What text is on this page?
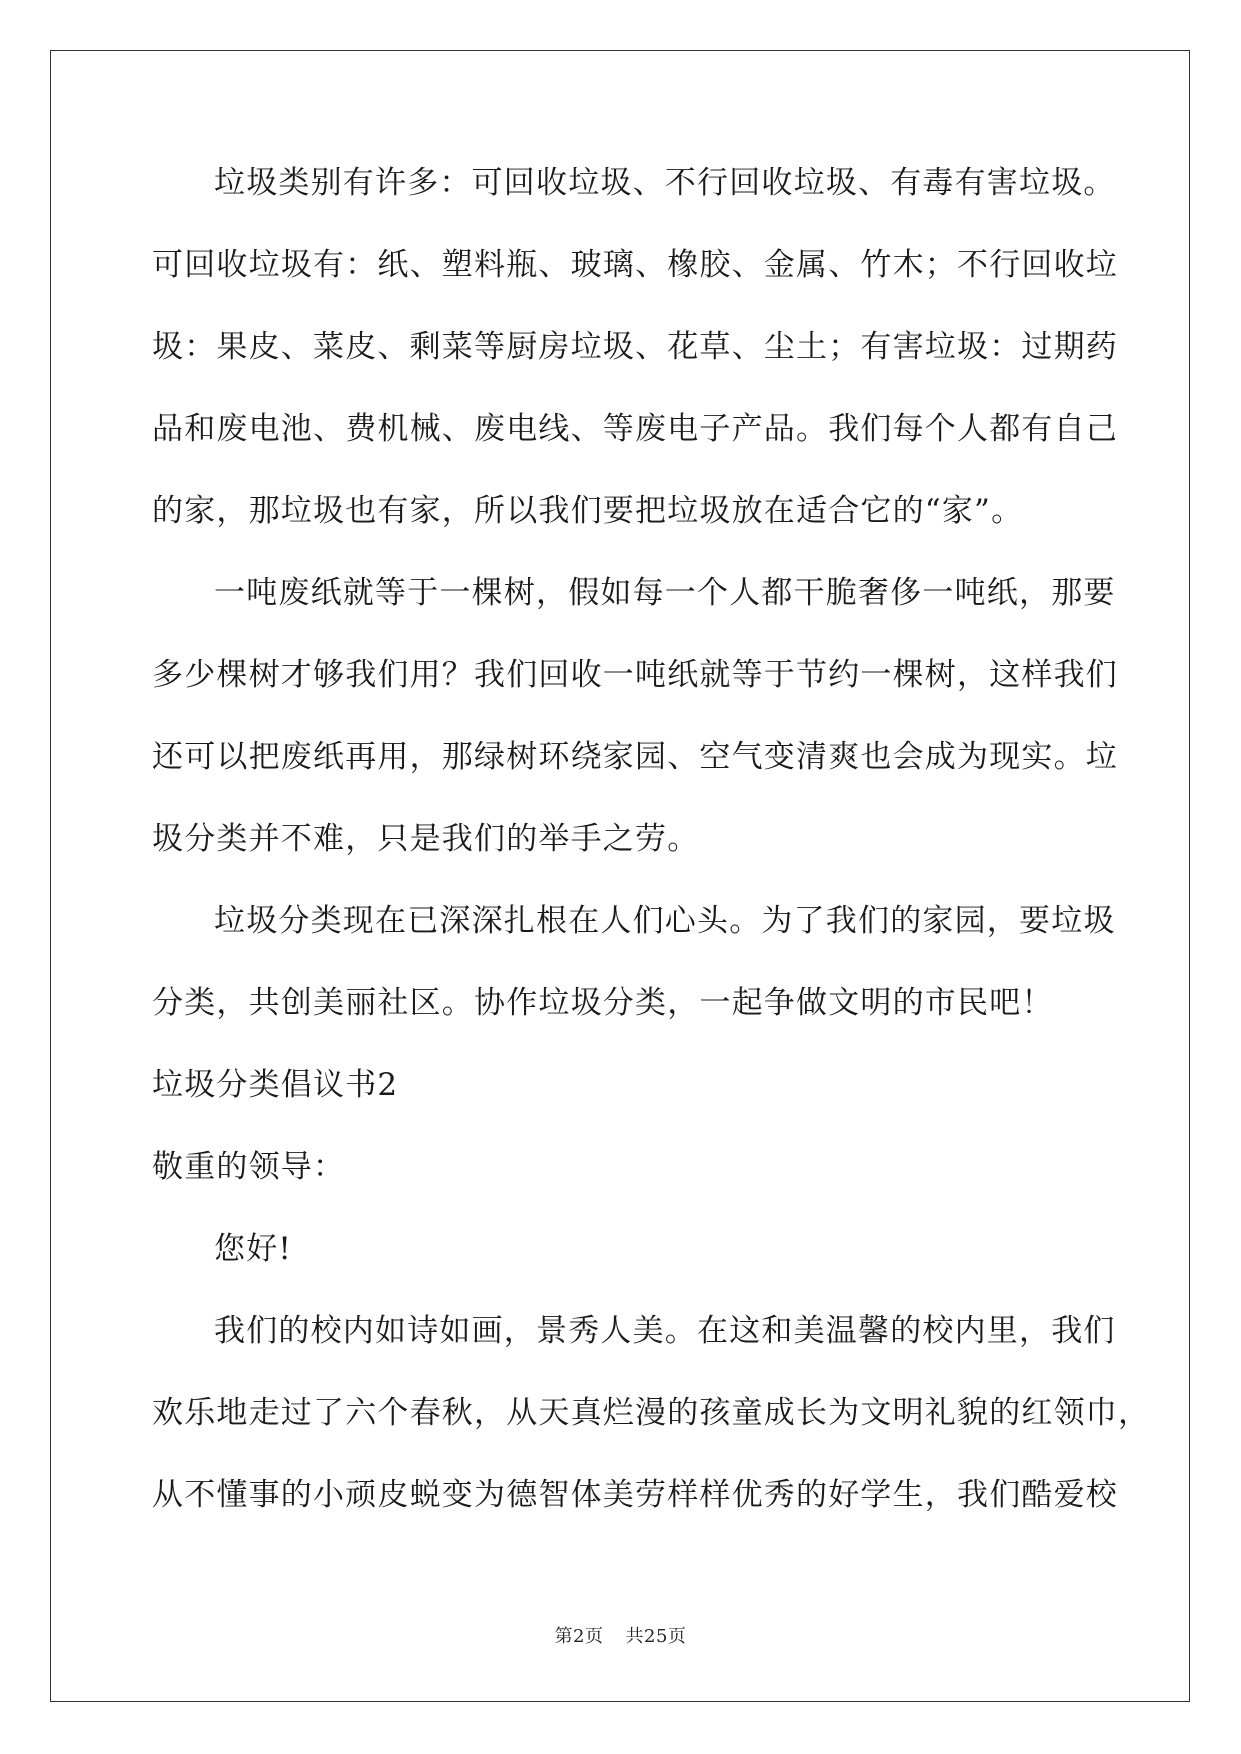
垃圾类别有许多：可回收垃圾、不行回收垃圾、有毒有害垃圾。
可回收垃圾有：纸、塑料瓶、玻璃、橡胶、金属、竹木；不行回收垃
圾：果皮、菜皮、剩菜等厨房垃圾、花草、尘土；有害垃圾：过期药
品和废电池、费机械、废电线、等废电子产品。我们每个人都有自己
的家，那垃圾也有家，所以我们要把垃圾放在适合它的“家”。
一吨废纸就等于一棵树，假如每一个人都干脆奢侈一吨纸，那要
多少棵树才够我们用？我们回收一吨纸就等于节约一棵树，这样我们
还可以把废纸再用，那绿树环绕家园、空气变清爽也会成为现实。垃
圾分类并不难，只是我们的举手之劳。
垃圾分类现在已深深扎根在人们心头。为了我们的家园，要垃圾
分类，共创美丽社区。协作垃圾分类，一起争做文明的市民吧！
垃圾分类倡议书2
敬重的领导：
您好!
我们的校内如诗如画，景秀人美。在这和美温馨的校内里，我们
欢乐地走过了六个春秋，从天真烂漫的孩童成长为文明礼貌的红领巾，
从不懂事的小顽皮蜕变为德智体美劳样样优秀的好学生，我们酷爱校
第2页 共25页
